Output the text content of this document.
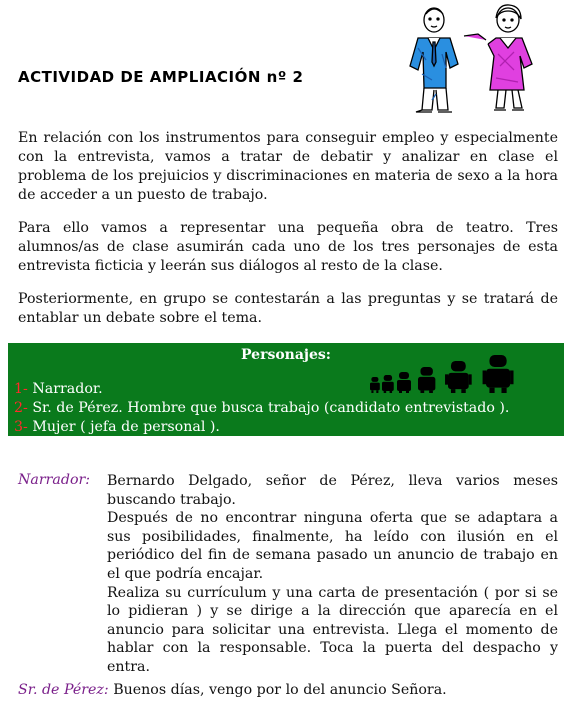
ACTIVIDAD DE AMPLIACIÓN nº 2

En relación con los instrumentos para conseguir empleo y especialmente con la entrevista, vamos a tratar de debatir y analizar en clase el problema de los prejuicios y discriminaciones en materia de sexo a la hora de acceder a un puesto de trabajo.

Para ello vamos a representar una pequeña obra de teatro. Tres alumnos/as de clase asumirán cada uno de los tres personajes de esta entrevista ficticia y leerán sus diálogos al resto de la clase.

Posteriormente, en grupo se contestarán a las preguntas y se tratará de entablar un debate sobre el tema.

Personajes:
1- Narrador.
2- Sr. de Pérez. Hombre que busca trabajo (candidato entrevistado ).
3- Mujer ( jefa de personal ).
Narrador: Bernardo Delgado, señor de Pérez, lleva varios meses buscando trabajo.

Después de no encontrar ninguna oferta que se adaptara a sus posibilidades, finalmente, ha leído con ilusión en el periódico del fin de semana pasado un anuncio de trabajo en el que podría encajar.

Realiza su currículum y una carta de presentación ( por si se lo pidieran ) y se dirige a la dirección que aparecía en el anuncio para solicitar una entrevista. Llega el momento de hablar con la responsable. Toca la puerta del despacho y entra.

Sr. de Pérez: Buenos días, vengo por lo del anuncio Señora.
